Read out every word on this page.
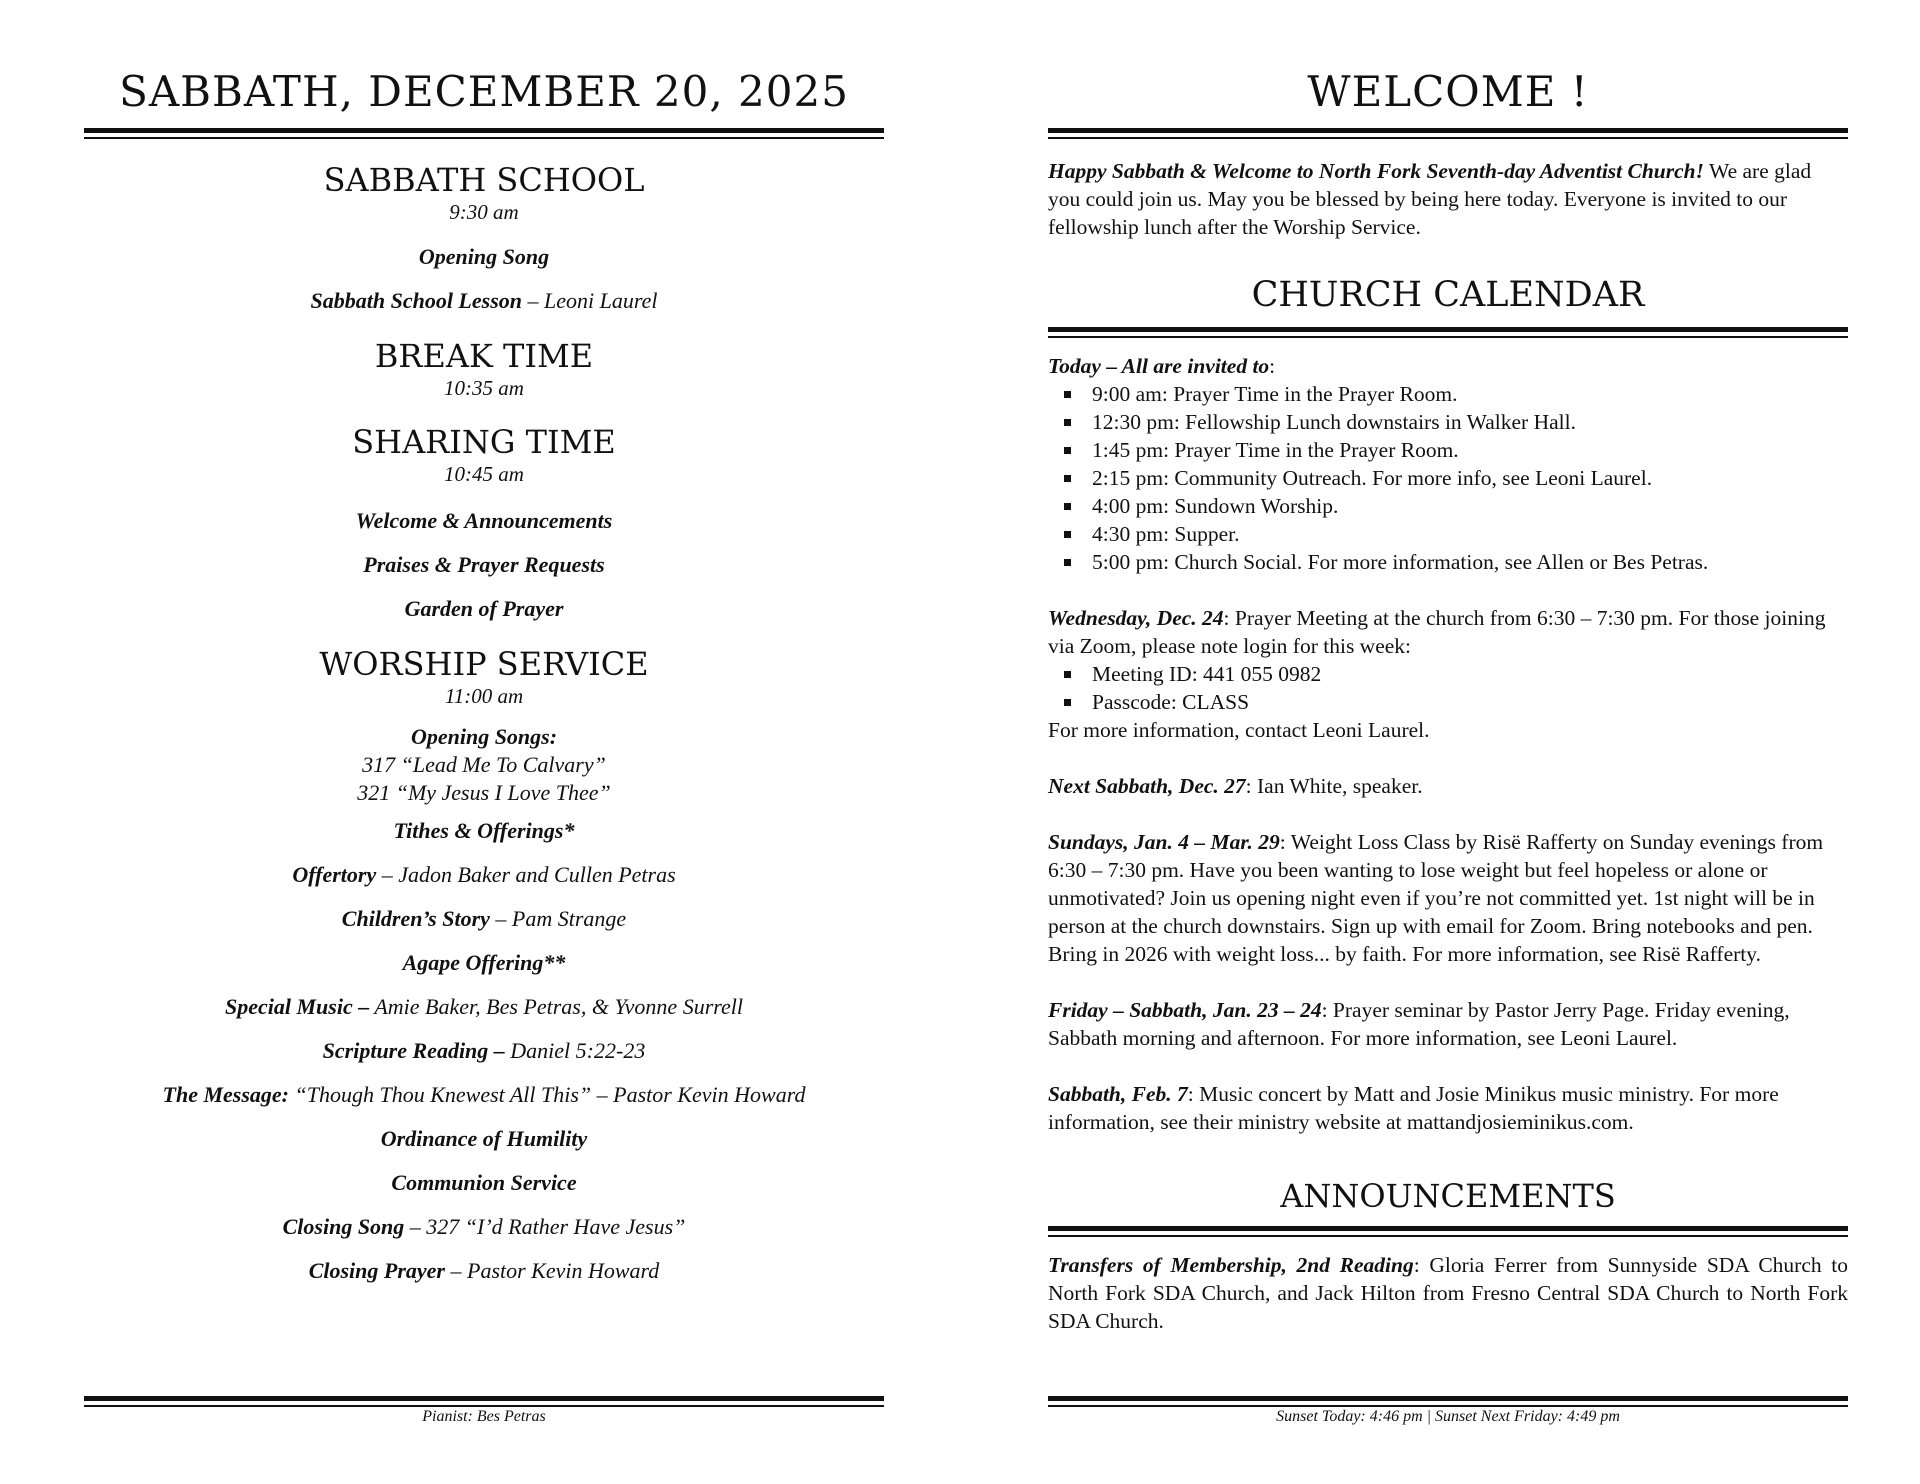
SABBATH, DECEMBER 20, 2025
SABBATH SCHOOL
9:30 am
Opening Song
Sabbath School Lesson – Leoni Laurel
BREAK TIME
10:35 am
SHARING TIME
10:45 am
Welcome & Announcements
Praises & Prayer Requests
Garden of Prayer
WORSHIP SERVICE
11:00 am
Opening Songs:
317 “Lead Me To Calvary”
321 “My Jesus I Love Thee”
Tithes & Offerings*
Offertory – Jadon Baker and Cullen Petras
Children’s Story – Pam Strange
Agape Offering**
Special Music – Amie Baker, Bes Petras, & Yvonne Surrell
Scripture Reading – Daniel 5:22-23
The Message: “Though Thou Knewest All This” – Pastor Kevin Howard
Ordinance of Humility
Communion Service
Closing Song – 327 “I’d Rather Have Jesus”
Closing Prayer – Pastor Kevin Howard
Pianist: Bes Petras
WELCOME !

Happy Sabbath & Welcome to North Fork Seventh-day Adventist Church! We are glad you could join us. May you be blessed by being here today. Everyone is invited to our fellowship lunch after the Worship Service.

CHURCH CALENDAR

Today – All are invited to:

9:00 am: Prayer Time in the Prayer Room.
12:30 pm: Fellowship Lunch downstairs in Walker Hall.
1:45 pm: Prayer Time in the Prayer Room.
2:15 pm: Community Outreach. For more info, see Leoni Laurel.
4:00 pm: Sundown Worship.
4:30 pm: Supper.
5:00 pm: Church Social. For more information, see Allen or Bes Petras.

Wednesday, Dec. 24: Prayer Meeting at the church from 6:30 – 7:30 pm. For those joining via Zoom, please note login for this week:

Meeting ID: 441 055 0982
Passcode: CLASS

For more information, contact Leoni Laurel.

Next Sabbath, Dec. 27: Ian White, speaker.

Sundays, Jan. 4 – Mar. 29: Weight Loss Class by Risë Rafferty on Sunday evenings from 6:30 – 7:30 pm. Have you been wanting to lose weight but feel hopeless or alone or unmotivated? Join us opening night even if you’re not committed yet. 1st night will be in person at the church downstairs. Sign up with email for Zoom. Bring notebooks and pen. Bring in 2026 with weight loss... by faith. For more information, see Risë Rafferty.

Friday – Sabbath, Jan. 23 – 24: Prayer seminar by Pastor Jerry Page. Friday evening, Sabbath morning and afternoon. For more information, see Leoni Laurel.

Sabbath, Feb. 7: Music concert by Matt and Josie Minikus music ministry. For more information, see their ministry website at mattandjosieminikus.com.

ANNOUNCEMENTS

Transfers of Membership, 2nd Reading: Gloria Ferrer from Sunnyside SDA Church to North Fork SDA Church, and Jack Hilton from Fresno Central SDA Church to North Fork SDA Church.

Sunset Today: 4:46 pm | Sunset Next Friday: 4:49 pm
